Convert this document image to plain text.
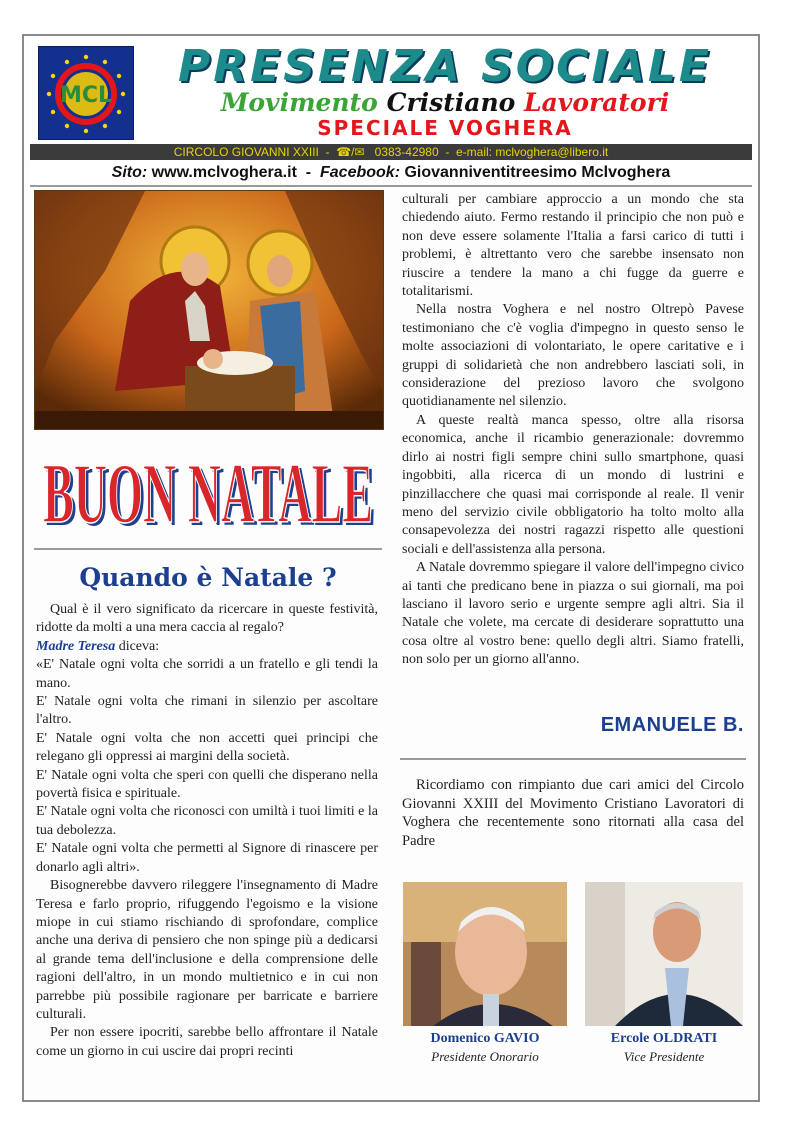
MCL
PRESENZA SOCIALE
Movimento Cristiano Lavoratori
SPECIALE VOGHERA
CIRCOLO GIOVANNI XXIII  -  ☎/✉ 0383-42980  -  e-mail: mclvoghera@libero.it
Sito: www.mclvoghera.it  -  Facebook: Giovanniventitreesimo Mclvoghera
BUON NATALE
BUON NATALE
Quando è Natale ?

Qual è il vero significato da ricercare in queste festività, ridotte da molti a una mera caccia al regalo?

Madre Teresa diceva:

«E' Natale ogni volta che sorridi a un fratello e gli tendi la mano.

E' Natale ogni volta che rimani in silenzio per ascoltare l'altro.

E' Natale ogni volta che non accetti quei principi che relegano gli oppressi ai margini della società.

E' Natale ogni volta che speri con quelli che disperano nella povertà fisica e spirituale.

E' Natale ogni volta che riconosci con umiltà i tuoi limiti e la tua debolezza.

E' Natale ogni volta che permetti al Signore di rinascere per donarlo agli altri».

Bisognerebbe davvero rileggere l'insegnamento di Madre Teresa e farlo proprio, rifuggendo l'egoismo e la visione miope in cui stiamo rischiando di sprofondare, complice anche una deriva di pensiero che non spinge più a dedicarsi al grande tema dell'inclusione e della comprensione delle ragioni dell'altro, in un mondo multietnico e in cui non parrebbe più possibile ragionare per barricate e barriere culturali.

Per non essere ipocriti, sarebbe bello affrontare il Natale come un giorno in cui uscire dai propri recinti

culturali per cambiare approccio a un mondo che sta chiedendo aiuto. Fermo restando il principio che non può e non deve essere solamente l'Italia a farsi carico di tutti i problemi, è altrettanto vero che sarebbe insensato non riuscire a tendere la mano a chi fugge da guerre e totalitarismi.

Nella nostra Voghera e nel nostro Oltrepò Pavese testimoniano che c'è voglia d'impegno in questo senso le molte associazioni di volontariato, le opere caritative e i gruppi di solidarietà che non andrebbero lasciati soli, in considerazione del prezioso lavoro che svolgono quotidianamente nel silenzio.

A queste realtà manca spesso, oltre alla risorsa economica, anche il ricambio generazionale: dovremmo dirlo ai nostri figli sempre chini sullo smartphone, quasi ingobbiti, alla ricerca di un mondo di lustrini e pinzillacchere che quasi mai corrisponde al reale. Il venir meno del servizio civile obbligatorio ha tolto molto alla consapevolezza dei nostri ragazzi rispetto alle questioni sociali e dell'assistenza alla persona.

A Natale dovremmo spiegare il valore dell'impegno civico ai tanti che predicano bene in piazza o sui giornali, ma poi lasciano il lavoro serio e urgente sempre agli altri. Sia il Natale che volete, ma cercate di desiderare soprattutto una cosa oltre al vostro bene: quello degli altri. Siamo fratelli, non solo per un giorno all'anno.

EMANUELE B.
Ricordiamo con rimpianto due cari amici del Circolo Giovanni XXIII del Movimento Cristiano Lavoratori di Voghera che recentemente sono ritornati alla casa del Padre
Domenico GAVIO
Presidente Onorario
Ercole OLDRATI
Vice Presidente
